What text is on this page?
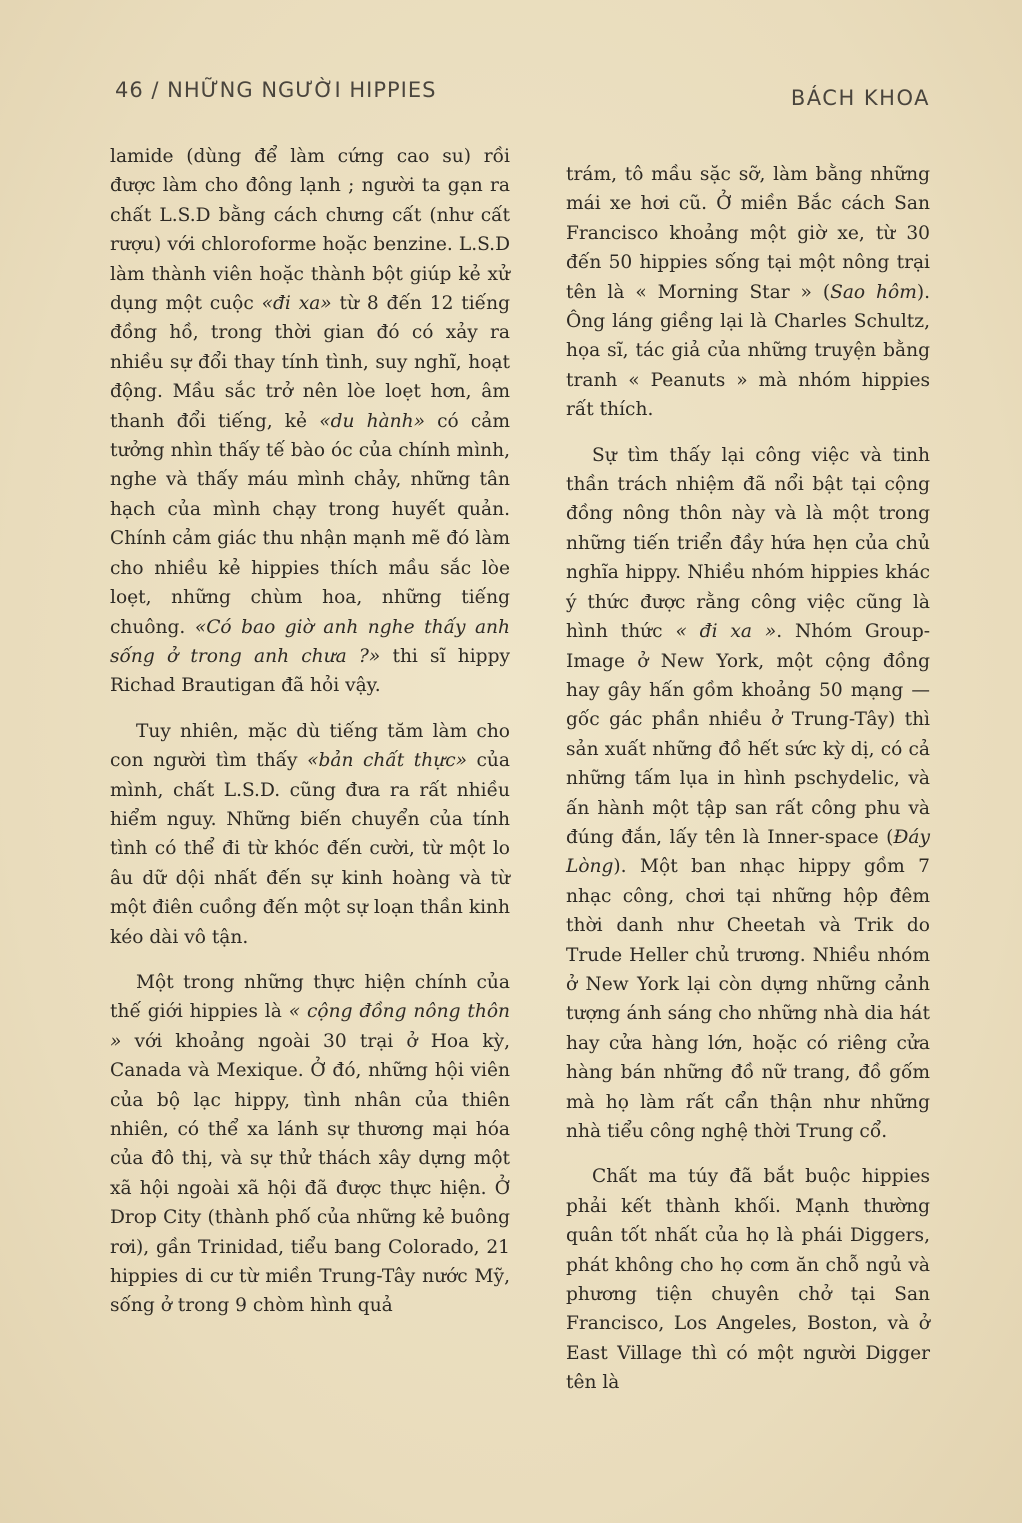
46 / NHỮNG NGƯỜI HIPPIES	BÁCH KHOA

lamide (dùng để làm cứng cao su) rồi được làm cho đông lạnh ; người ta gạn ra chất L.S.D bằng cách chưng cất (như cất rượu) với chloroforme hoặc benzine. L.S.D làm thành viên hoặc thành bột giúp kẻ xử dụng một cuộc «đi xa» từ 8 đến 12 tiếng đồng hồ, trong thời gian đó có xảy ra nhiều sự đổi thay tính tình, suy nghĩ, hoạt động. Mầu sắc trở nên lòe loẹt hơn, âm thanh đổi tiếng, kẻ «du hành» có cảm tưởng nhìn thấy tế bào óc của chính mình, nghe và thấy máu mình chảy, những tân hạch của mình chạy trong huyết quản. Chính cảm giác thu nhận mạnh mẽ đó làm cho nhiều kẻ hippies thích mầu sắc lòe loẹt, những chùm hoa, những tiếng chuông. «Có bao giờ anh nghe thấy anh sống ở trong anh chưa ?» thi sĩ hippy Richad Brautigan đã hỏi vậy.

Tuy nhiên, mặc dù tiếng tăm làm cho con người tìm thấy «bản chất thực» của mình, chất L.S.D. cũng đưa ra rất nhiều hiểm nguy. Những biến chuyển của tính tình có thể đi từ khóc đến cười, từ một lo âu dữ dội nhất đến sự kinh hoàng và từ một điên cuồng đến một sự loạn thần kinh kéo dài vô tận.

Một trong những thực hiện chính của thế giới hippies là « cộng đồng nông thôn » với khoảng ngoài 30 trại ở Hoa kỳ, Canada và Mexique. Ở đó, những hội viên của bộ lạc hippy, tình nhân của thiên nhiên, có thể xa lánh sự thương mại hóa của đô thị, và sự thử thách xây dựng một xã hội ngoài xã hội đã được thực hiện. Ở Drop City (thành phố của những kẻ buông rơi), gần Trinidad, tiểu bang Colorado, 21 hippies di cư từ miền Trung-Tây nước Mỹ, sống ở trong 9 chòm hình quả

trám, tô mầu sặc sỡ, làm bằng những mái xe hơi cũ. Ở miền Bắc cách San Francisco khoảng một giờ xe, từ 30 đến 50 hippies sống tại một nông trại tên là « Morning Star » (Sao hôm). Ông láng giềng lại là Charles Schultz, họa sĩ, tác giả của những truyện bằng tranh « Peanuts » mà nhóm hippies rất thích.

Sự tìm thấy lại công việc và tinh thần trách nhiệm đã nổi bật tại cộng đồng nông thôn này và là một trong những tiến triển đầy hứa hẹn của chủ nghĩa hippy. Nhiều nhóm hippies khác ý thức được rằng công việc cũng là hình thức « đi xa ». Nhóm Group-Image ở New York, một cộng đồng hay gây hấn gồm khoảng 50 mạng — gốc gác phần nhiều ở Trung-Tây) thì sản xuất những đồ hết sức kỳ dị, có cả những tấm lụa in hình pschydelic, và ấn hành một tập san rất công phu và đúng đắn, lấy tên là Inner-space (Đáy Lòng). Một ban nhạc hippy gồm 7 nhạc công, chơi tại những hộp đêm thời danh như Cheetah và Trik do Trude Heller chủ trương. Nhiều nhóm ở New York lại còn dựng những cảnh tượng ánh sáng cho những nhà dia hát hay cửa hàng lớn, hoặc có riêng cửa hàng bán những đồ nữ trang, đồ gốm mà họ làm rất cẩn thận như những nhà tiểu công nghệ thời Trung cổ.

Chất ma túy đã bắt buộc hippies phải kết thành khối. Mạnh thường quân tốt nhất của họ là phái Diggers, phát không cho họ cơm ăn chỗ ngủ và phương tiện chuyên chở tại San Francisco, Los Angeles, Boston, và ở East Village thì có một người Digger tên là
